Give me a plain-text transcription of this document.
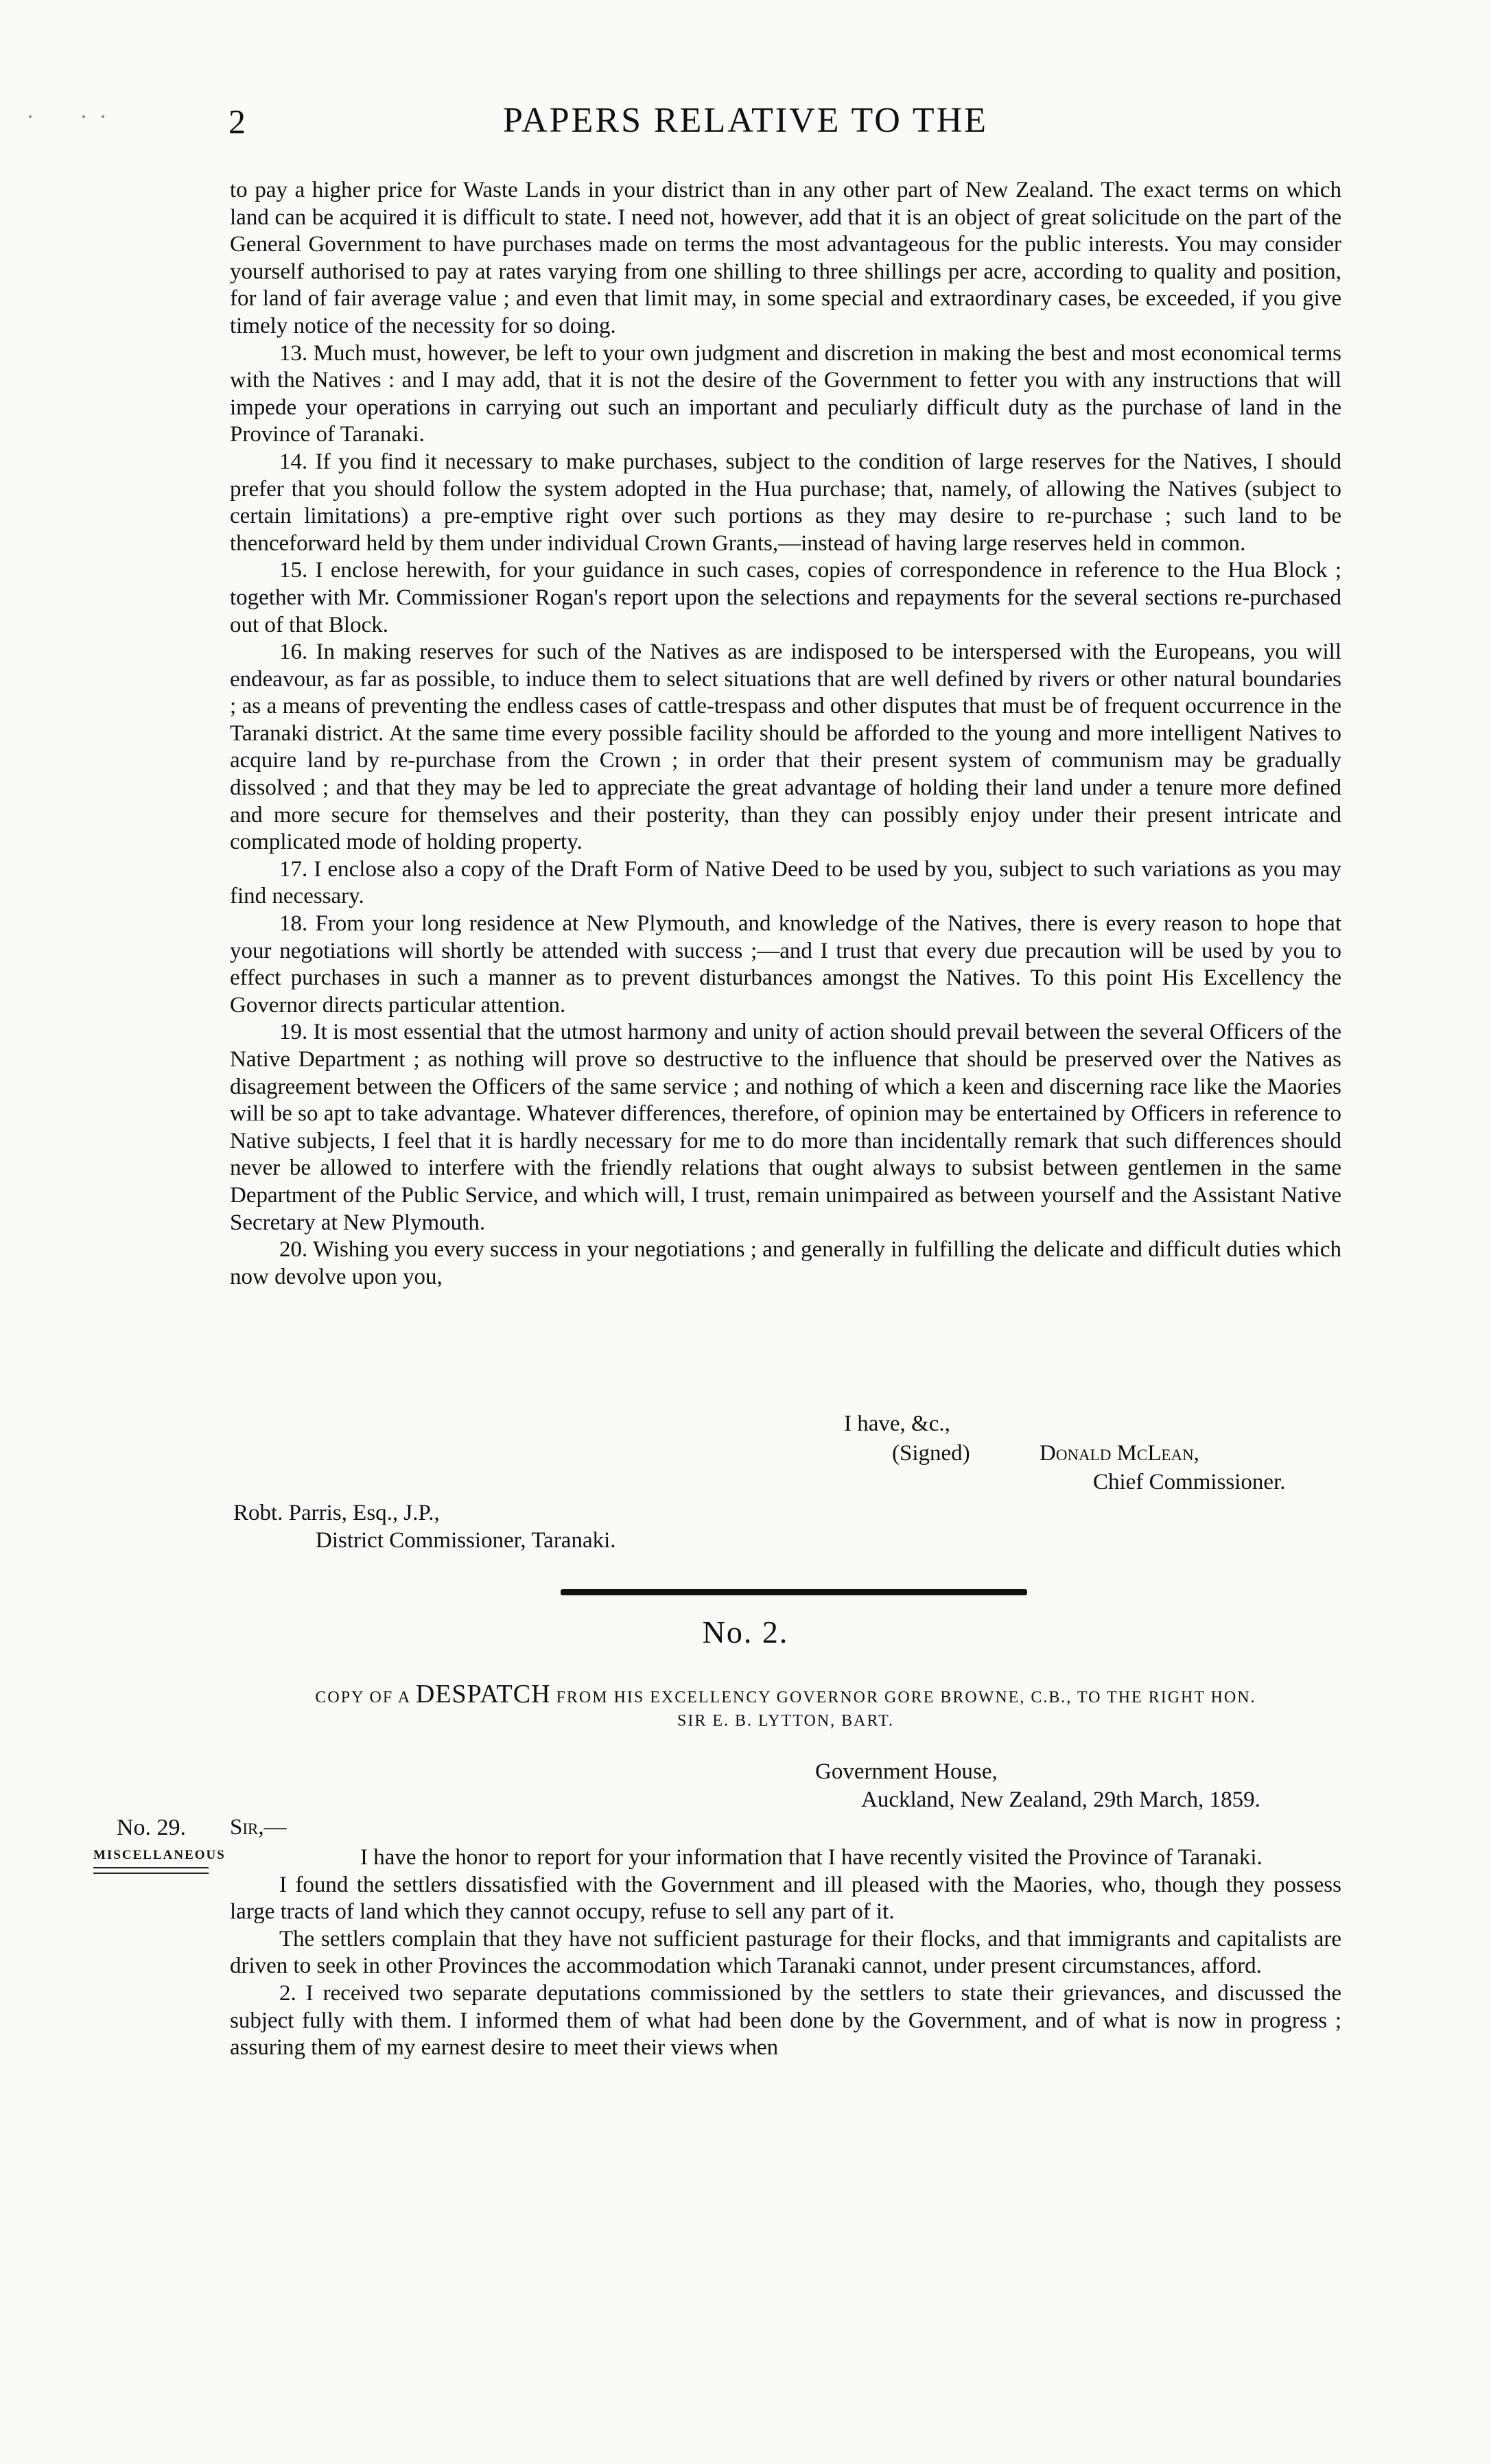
2	PAPERS RELATIVE TO THE

to pay a higher price for Waste Lands in your district than in any other part of New Zealand. The exact terms on which land can be acquired it is difficult to state. I need not, however, add that it is an object of great solicitude on the part of the General Government to have purchases made on terms the most advantageous for the public interests. You may consider yourself authorised to pay at rates varying from one shilling to three shillings per acre, according to quality and position, for land of fair average value ; and even that limit may, in some special and extraordinary cases, be exceeded, if you give timely notice of the necessity for so doing.

13. Much must, however, be left to your own judgment and discretion in making the best and most economical terms with the Natives : and I may add, that it is not the desire of the Government to fetter you with any instructions that will impede your operations in carrying out such an important and peculiarly difficult duty as the purchase of land in the Province of Taranaki.

14. If you find it necessary to make purchases, subject to the condition of large reserves for the Natives, I should prefer that you should follow the system adopted in the Hua purchase; that, namely, of allowing the Natives (subject to certain limitations) a pre-emptive right over such portions as they may desire to re-purchase ; such land to be thenceforward held by them under individual Crown Grants,—instead of having large reserves held in common.

15. I enclose herewith, for your guidance in such cases, copies of correspondence in reference to the Hua Block ; together with Mr. Commissioner Rogan's report upon the selections and repayments for the several sections re-purchased out of that Block.

16. In making reserves for such of the Natives as are indisposed to be interspersed with the Europeans, you will endeavour, as far as possible, to induce them to select situations that are well defined by rivers or other natural boundaries ; as a means of preventing the endless cases of cattle-trespass and other disputes that must be of frequent occurrence in the Taranaki district. At the same time every possible facility should be afforded to the young and more intelligent Natives to acquire land by re-purchase from the Crown ; in order that their present system of communism may be gradually dissolved ; and that they may be led to appreciate the great advantage of holding their land under a tenure more defined and more secure for themselves and their posterity, than they can possibly enjoy under their present intricate and complicated mode of holding property.

17. I enclose also a copy of the Draft Form of Native Deed to be used by you, subject to such variations as you may find necessary.

18. From your long residence at New Plymouth, and knowledge of the Natives, there is every reason to hope that your negotiations will shortly be attended with success ;—and I trust that every due precaution will be used by you to effect purchases in such a manner as to prevent disturbances amongst the Natives. To this point His Excellency the Governor directs particular attention.

19. It is most essential that the utmost harmony and unity of action should prevail between the several Officers of the Native Department ; as nothing will prove so destructive to the influence that should be preserved over the Natives as disagreement between the Officers of the same service ; and nothing of which a keen and discerning race like the Maories will be so apt to take advantage. Whatever differences, therefore, of opinion may be entertained by Officers in reference to Native subjects, I feel that it is hardly necessary for me to do more than incidentally remark that such differences should never be allowed to interfere with the friendly relations that ought always to subsist between gentlemen in the same Department of the Public Service, and which will, I trust, remain unimpaired as between yourself and the Assistant Native Secretary at New Plymouth.

20. Wishing you every success in your negotiations ; and generally in fulfilling the delicate and difficult duties which now devolve upon you,

I have, &c.,
(Signed)	Donald McLean,
Chief Commissioner.
Robt. Parris, Esq., J.P.,
District Commissioner, Taranaki.
No. 2.
COPY OF A DESPATCH FROM HIS EXCELLENCY GOVERNOR GORE BROWNE, C.B., TO THE RIGHT HON.
SIR E. B. LYTTON, BART.
Government House,
Auckland, New Zealand, 29th March, 1859.
No. 29.
MISCELLANEOUS
Sir,—

I have the honor to report for your information that I have recently visited the Province of Taranaki.

I found the settlers dissatisfied with the Government and ill pleased with the Maories, who, though they possess large tracts of land which they cannot occupy, refuse to sell any part of it.

The settlers complain that they have not sufficient pasturage for their flocks, and that immigrants and capitalists are driven to seek in other Provinces the accommodation which Taranaki cannot, under present circumstances, afford.

2. I received two separate deputations commissioned by the settlers to state their grievances, and discussed the subject fully with them. I informed them of what had been done by the Government, and of what is now in progress ; assuring them of my earnest desire to meet their views when
